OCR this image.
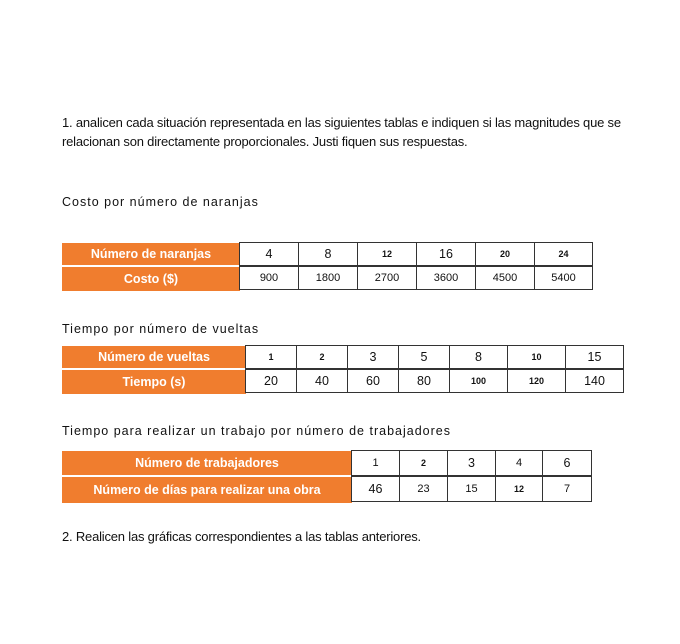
1. analicen cada situación representada en las siguientes tablas e indiquen si las magnitudes que se relacionan son directamente proporcionales. Justi fiquen sus respuestas.
Costo por número de naranjas
Número de naranjas	4	8	12	16	20	24
Costo ($)	900	1800	2700	3600	4500	5400
Tiempo por número de vueltas
Número de vueltas	1	2	3	5	8	10	15
Tiempo (s)	20	40	60	80	100	120	140
Tiempo para realizar un trabajo por número de trabajadores
Número de trabajadores	1	2	3	4	6
Número de días para realizar una obra	46	23	15	12	7
2. Realicen las gráficas correspondientes a las tablas anteriores.
